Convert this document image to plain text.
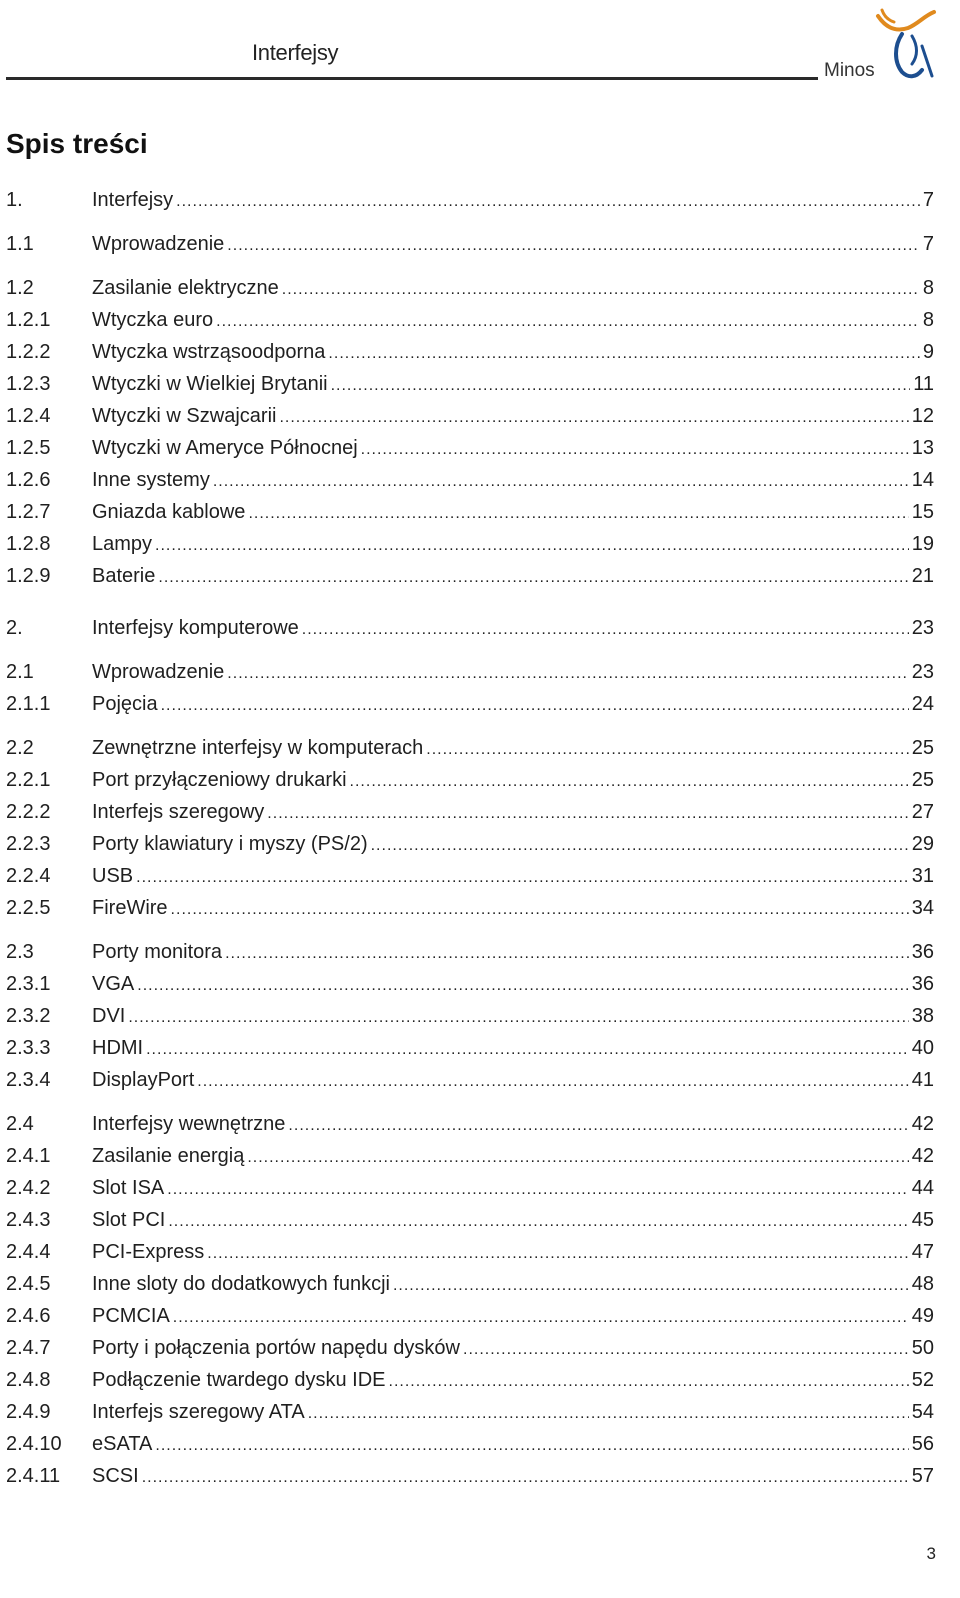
Interfejsy
Minos
Spis treści
1.	Interfejsy .....	7
1.1	Wprowadzenie .....	7
1.2	Zasilanie elektryczne .....	8
1.2.1	Wtyczka euro .....	8
1.2.2	Wtyczka wstrząsoodporna .....	9
1.2.3	Wtyczki w Wielkiej Brytanii .....	11
1.2.4	Wtyczki w Szwajcarii .....	12
1.2.5	Wtyczki w Ameryce Północnej .....	13
1.2.6	Inne systemy .....	14
1.2.7	Gniazda kablowe .....	15
1.2.8	Lampy .....	19
1.2.9	Baterie .....	21
2.	Interfejsy komputerowe .....	23
2.1	Wprowadzenie .....	23
2.1.1	Pojęcia .....	24
2.2	Zewnętrzne interfejsy w komputerach .....	25
2.2.1	Port przyłączeniowy drukarki .....	25
2.2.2	Interfejs szeregowy .....	27
2.2.3	Porty klawiatury i myszy (PS/2) .....	29
2.2.4	USB .....	31
2.2.5	FireWire .....	34
2.3	Porty monitora .....	36
2.3.1	VGA .....	36
2.3.2	DVI .....	38
2.3.3	HDMI .....	40
2.3.4	DisplayPort .....	41
2.4	Interfejsy wewnętrzne .....	42
2.4.1	Zasilanie energią .....	42
2.4.2	Slot ISA .....	44
2.4.3	Slot PCI .....	45
2.4.4	PCI-Express .....	47
2.4.5	Inne sloty do dodatkowych funkcji .....	48
2.4.6	PCMCIA .....	49
2.4.7	Porty i połączenia portów napędu dysków .....	50
2.4.8	Podłączenie twardego dysku IDE .....	52
2.4.9	Interfejs szeregowy ATA .....	54
2.4.10	eSATA .....	56
2.4.11	SCSI .....	57
3
